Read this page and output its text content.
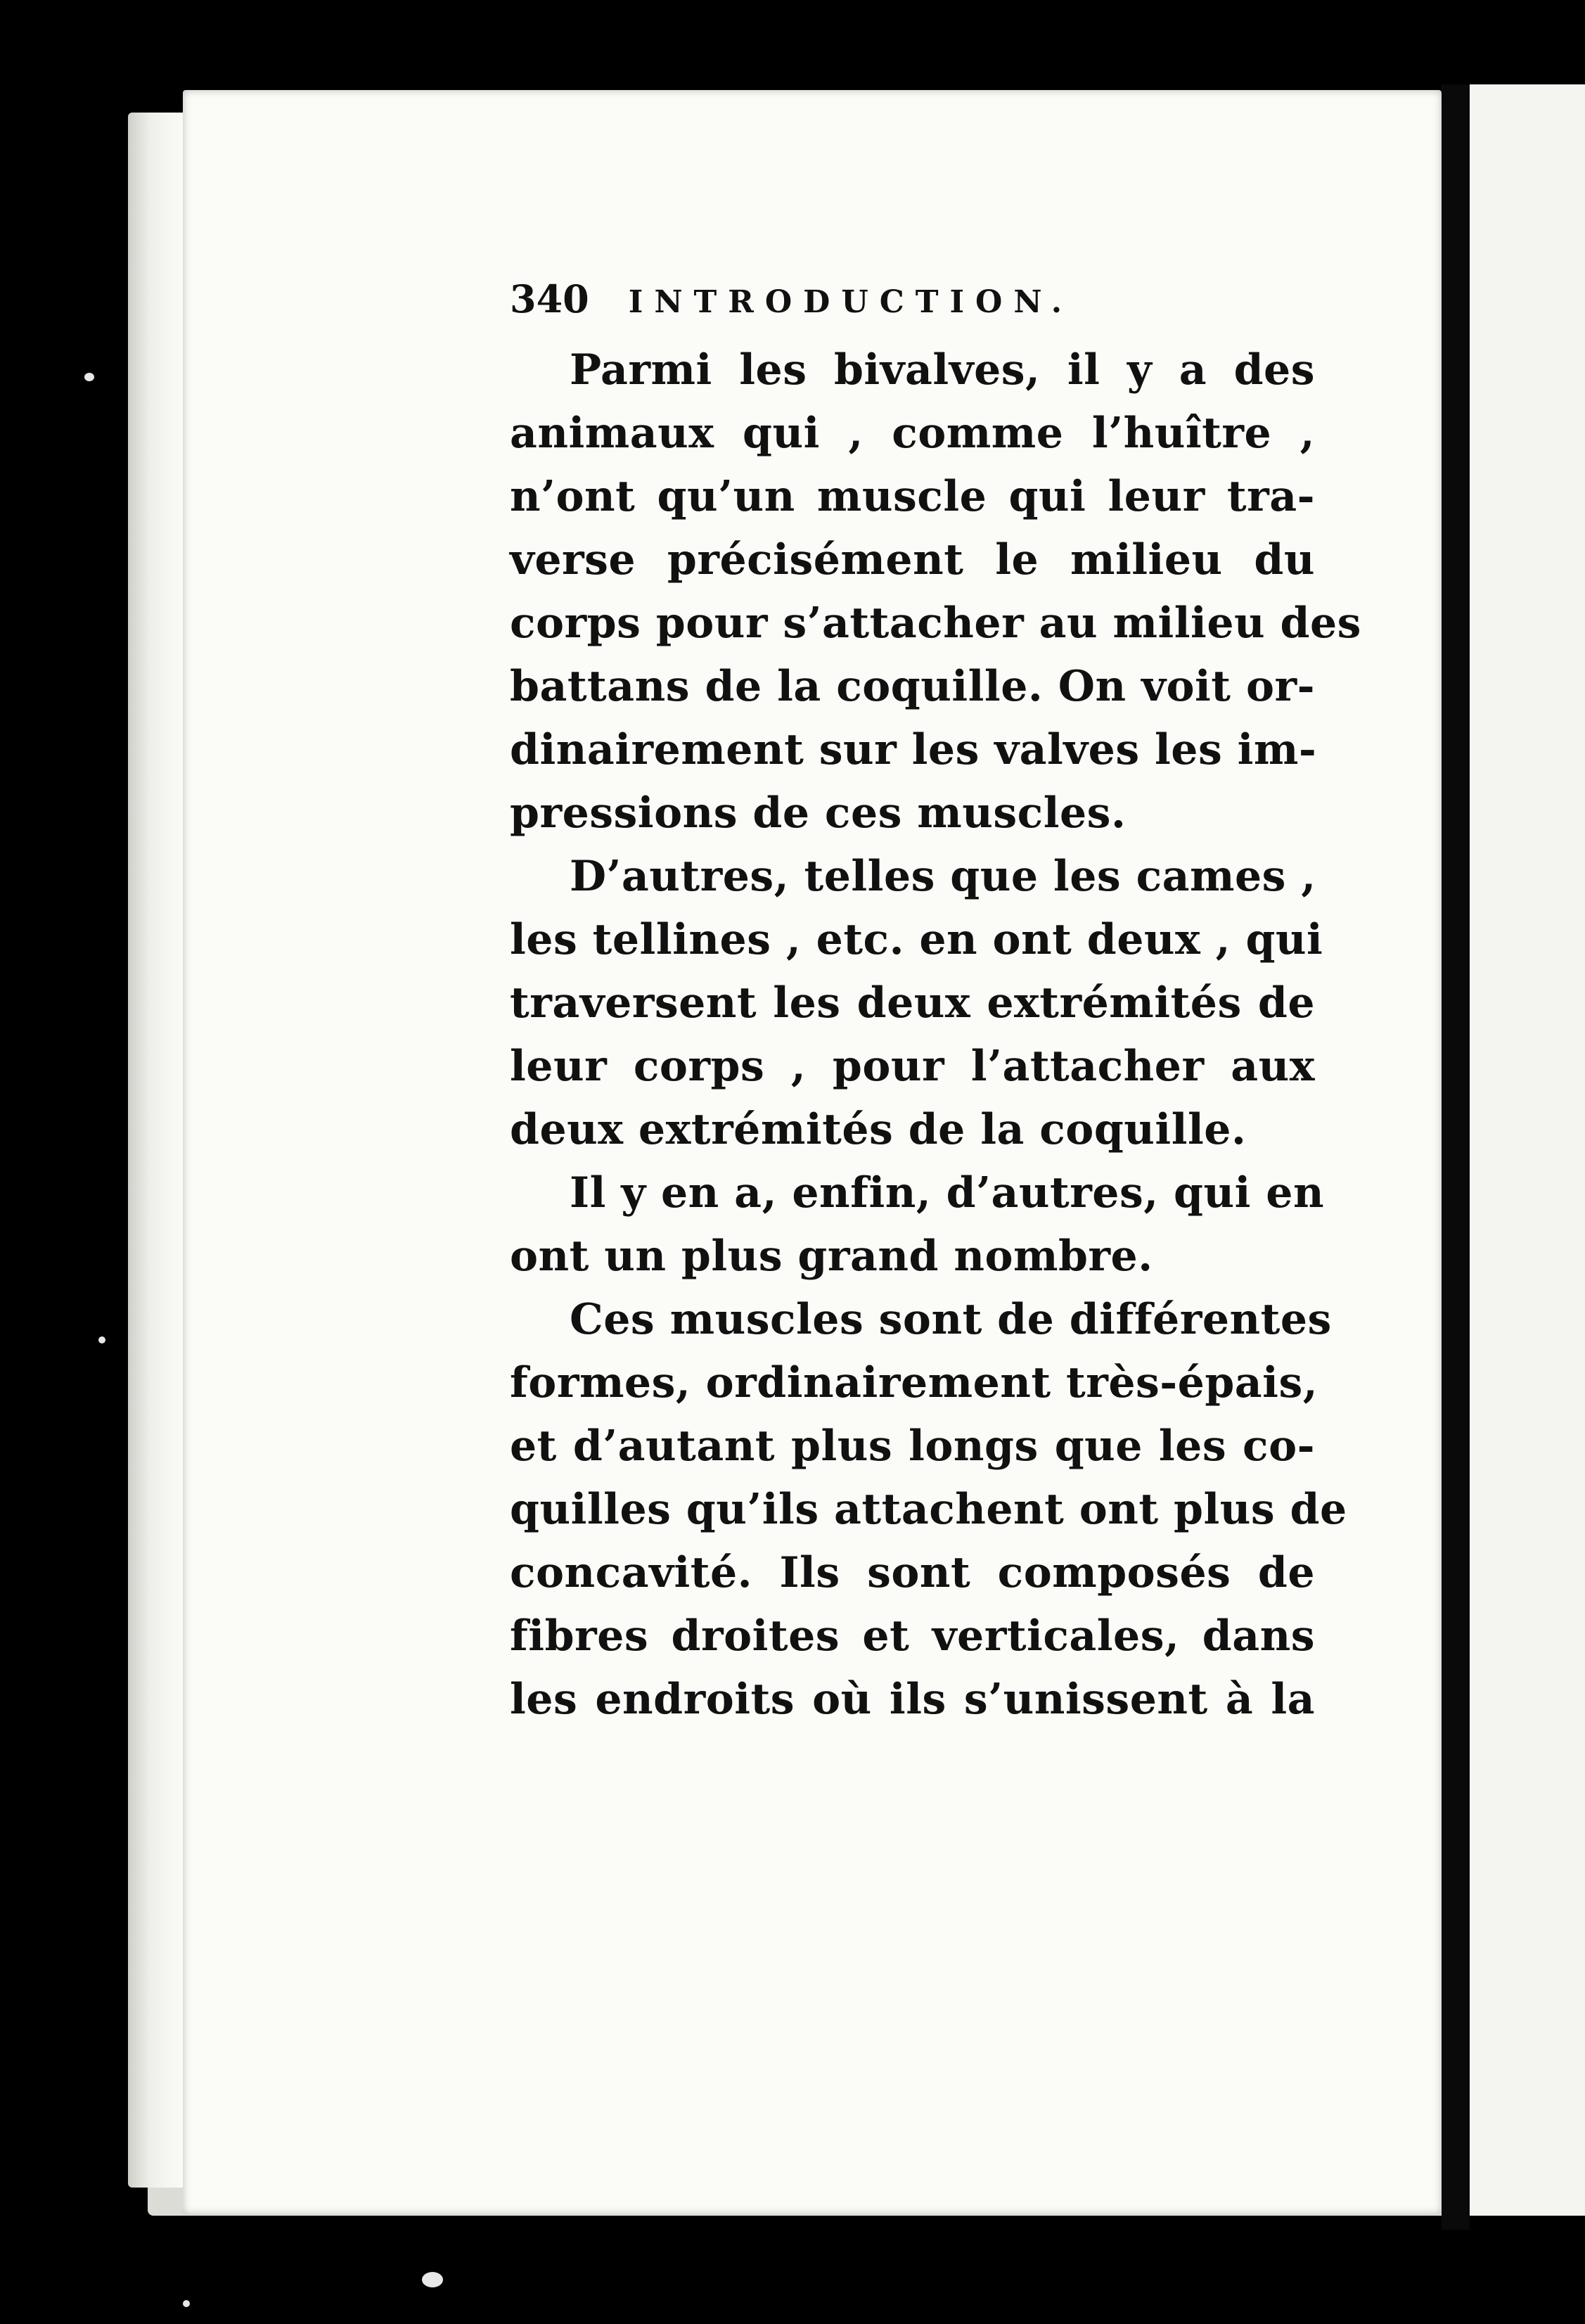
340 INTRODUCTION.
Parmi les bivalves, il y a des
animaux qui , comme l’huître ,
n’ont qu’un muscle qui leur tra-
verse précisément le milieu du
corps pour s’attacher au milieu des
battans de la coquille. On voit or-
dinairement sur les valves les im-
pressions de ces muscles.
D’autres, telles que les cames ,
les tellines , etc. en ont deux , qui
traversent les deux extrémités de
leur corps , pour l’attacher aux
deux extrémités de la coquille.
Il y en a, enfin, d’autres, qui en
ont un plus grand nombre.
Ces muscles sont de différentes
formes, ordinairement très-épais,
et d’autant plus longs que les co-
quilles qu’ils attachent ont plus de
concavité. Ils sont composés de
fibres droites et verticales, dans
les endroits où ils s’unissent à la
